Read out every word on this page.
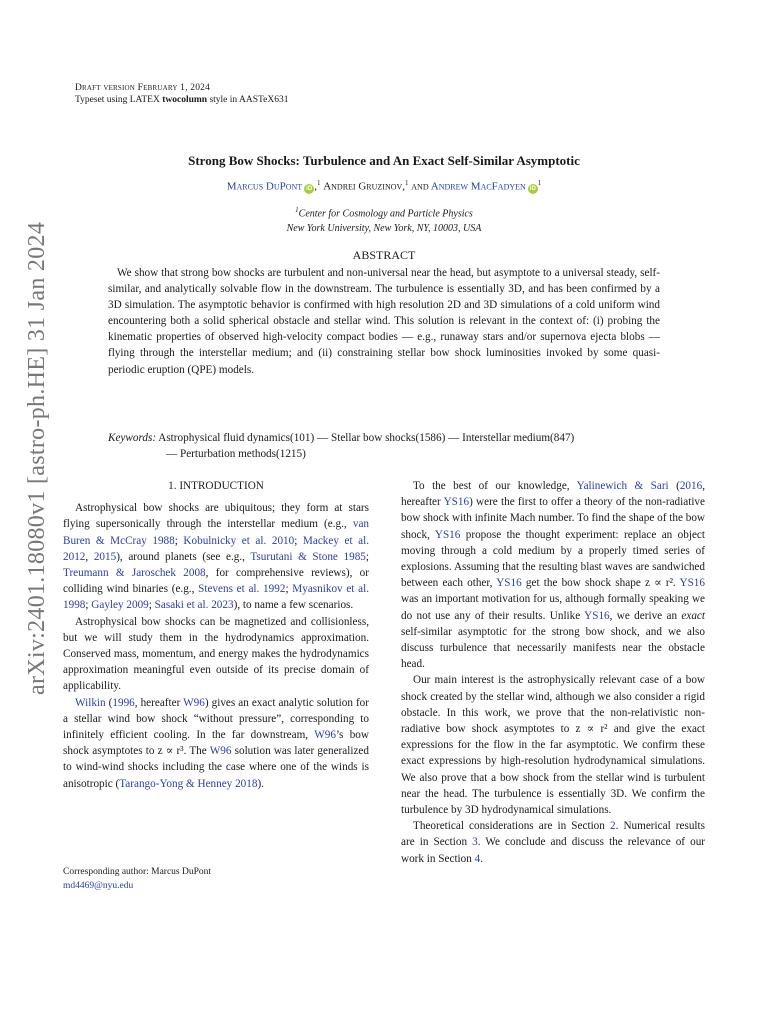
arXiv:2401.18080v1 [astro-ph.HE] 31 Jan 2024
Draft version February 1, 2024
Typeset using LATEX twocolumn style in AASTeX631
Strong Bow Shocks: Turbulence and An Exact Self-Similar Asymptotic
Marcus DuPont iD ,$^1$ Andrei Gruzinov,$^1$ and Andrew MacFadyen $iD^1$
$^1$Center for Cosmology and Particle Physics
New York University, New York, NY, 10003, USA
ABSTRACT
We show that strong bow shocks are turbulent and non-universal near the head, but asymptote to a universal steady, self-similar, and analytically solvable flow in the downstream. The turbulence is essentially 3D, and has been confirmed by a 3D simulation. The asymptotic behavior is confirmed with high resolution 2D and 3D simulations of a cold uniform wind encountering both a solid spherical obstacle and stellar wind. This solution is relevant in the context of: (i) probing the kinematic properties of observed high-velocity compact bodies — e.g., runaway stars and/or supernova ejecta blobs — flying through the interstellar medium; and (ii) constraining stellar bow shock luminosities invoked by some quasi-periodic eruption (QPE) models.
Keywords: Astrophysical fluid dynamics(101) — Stellar bow shocks(1586) — Interstellar medium(847)
— Perturbation methods(1215)

1. INTRODUCTION

Astrophysical bow shocks are ubiquitous; they form at stars flying supersonically through the interstellar medium (e.g., van Buren & McCray 1988; Kobulnicky et al. 2010; Mackey et al. 2012, 2015), around planets (see e.g., Tsurutani & Stone 1985; Treumann & Jaroschek 2008, for comprehensive reviews), or colliding wind binaries (e.g., Stevens et al. 1992; Myasnikov et al. 1998; Gayley 2009; Sasaki et al. 2023), to name a few scenarios.

Astrophysical bow shocks can be magnetized and collisionless, but we will study them in the hydrodynamics approximation. Conserved mass, momentum, and energy makes the hydrodynamics approximation meaningful even outside of its precise domain of applicability.

Wilkin (1996, hereafter W96) gives an exact analytic solution for a stellar wind bow shock “without pressure”, corresponding to infinitely efficient cooling. In the far downstream, W96’s bow shock asymptotes to z ∝ r³. The W96 solution was later generalized to wind-wind shocks including the case where one of the winds is anisotropic (Tarango-Yong & Henney 2018).

To the best of our knowledge, Yalinewich & Sari (2016, hereafter YS16) were the first to offer a theory of the non-radiative bow shock with infinite Mach number. To find the shape of the bow shock, YS16 propose the thought experiment: replace an object moving through a cold medium by a properly timed series of explosions. Assuming that the resulting blast waves are sandwiched between each other, YS16 get the bow shock shape z ∝ r². YS16 was an important motivation for us, although formally speaking we do not use any of their results. Unlike YS16, we derive an exact self-similar asymptotic for the strong bow shock, and we also discuss turbulence that necessarily manifests near the obstacle head.

Our main interest is the astrophysically relevant case of a bow shock created by the stellar wind, although we also consider a rigid obstacle. In this work, we prove that the non-relativistic non-radiative bow shock asymptotes to z ∝ r² and give the exact expressions for the flow in the far asymptotic. We confirm these exact expressions by high-resolution hydrodynamical simulations. We also prove that a bow shock from the stellar wind is turbulent near the head. The turbulence is essentially 3D. We confirm the turbulence by 3D hydrodynamical simulations.

Theoretical considerations are in Section 2. Numerical results are in Section 3. We conclude and discuss the relevance of our work in Section 4.

Corresponding author: Marcus DuPont
md4469@nyu.edu
